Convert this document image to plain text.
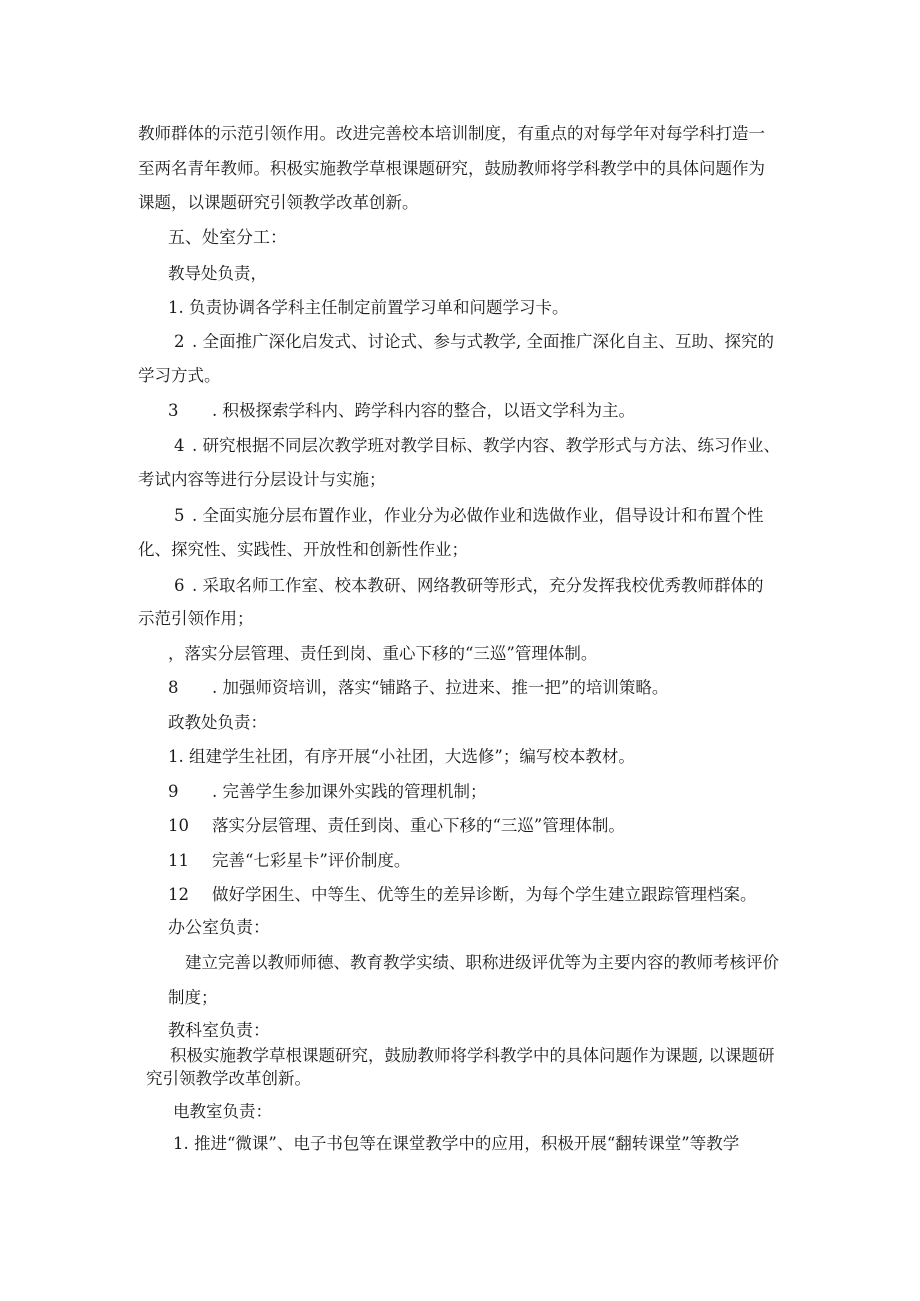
教师群体的示范引领作用。改进完善校本培训制度，有重点的对每学年对每学科打造一
至两名青年教师。积极实施教学草根课题研究，鼓励教师将学科教学中的具体问题作为
课题，以课题研究引领教学改革创新。
五、处室分工：
教导处负责，
1. 负责协调各学科主任制定前置学习单和问题学习卡。
2 . 全面推广深化启发式、讨论式、参与式教学, 全面推广深化自主、互助、探究的
学习方式。
3 . 积极探索学科内、跨学科内容的整合，以语文学科为主。
4 . 研究根据不同层次教学班对教学目标、教学内容、教学形式与方法、练习作业、
考试内容等进行分层设计与实施；
5 . 全面实施分层布置作业，作业分为必做作业和选做作业，倡导设计和布置个性
化、探究性、实践性、开放性和创新性作业；
6 . 采取名师工作室、校本教研、网络教研等形式，充分发挥我校优秀教师群体的
示范引领作用；
，落实分层管理、责任到岗、重心下移的“三巡”管理体制。
8 . 加强师资培训，落实“铺路子、拉进来、推一把”的培训策略。
政教处负责：
1. 组建学生社团，有序开展“小社团，大选修”；编写校本教材。
9 . 完善学生参加课外实践的管理机制；
10 落实分层管理、责任到岗、重心下移的“三巡”管理体制。
11 完善“七彩星卡”评价制度。
12 做好学困生、中等生、优等生的差异诊断，为每个学生建立跟踪管理档案。
办公室负责：
建立完善以教师师德、教育教学实绩、职称进级评优等为主要内容的教师考核评价
制度；
教科室负责：
积极实施教学草根课题研究，鼓励教师将学科教学中的具体问题作为课题, 以课题研
究引领教学改革创新。
电教室负责：
1. 推进“微课”、电子书包等在课堂教学中的应用，积极开展“翻转课堂”等教学
